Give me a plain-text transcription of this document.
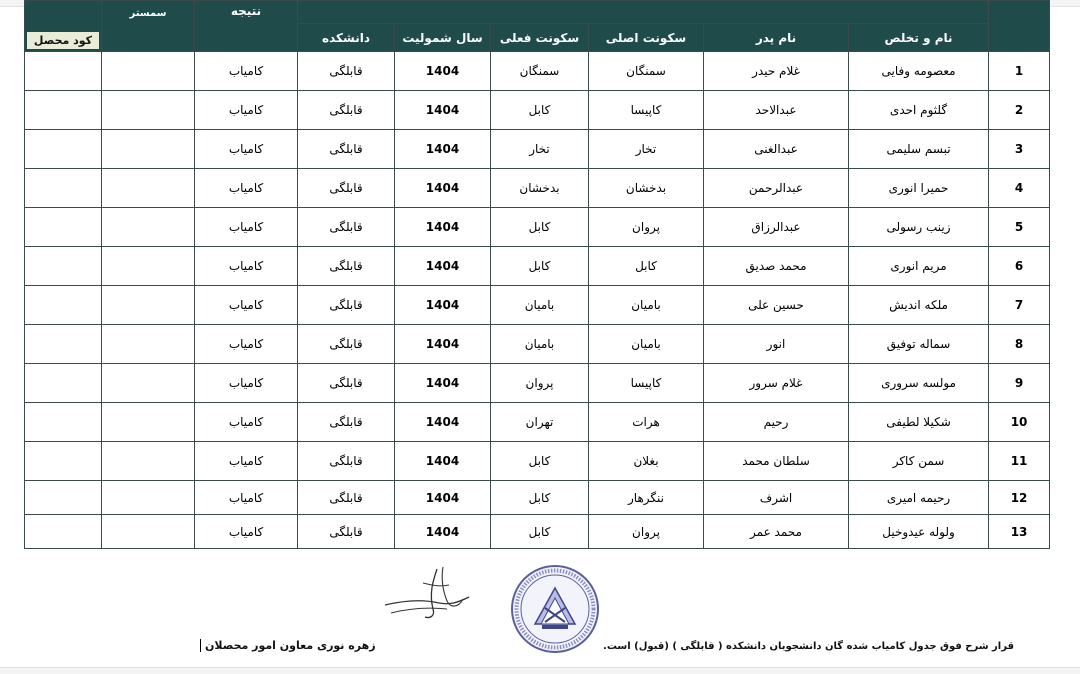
کود محصل	سمستر	نتیجه							
			دانشکده	سال شمولیت	سکونت فعلی	سکونت اصلی	نام پدر	نام و تخلص	
		کامیاب	قابلگی	1404	سمنگان	سمنگان	غلام حیدر	معصومه وفایی	1
		کامیاب	قابلگی	1404	کابل	کاپیسا	عبدالاحد	گلثوم احدی	2
		کامیاب	قابلگی	1404	تخار	تخار	عبدالغنی	تبسم سلیمی	3
		کامیاب	قابلگی	1404	بدخشان	بدخشان	عبدالرحمن	حمیرا انوری	4
		کامیاب	قابلگی	1404	کابل	پروان	عبدالرزاق	زینب رسولی	5
		کامیاب	قابلگی	1404	کابل	کابل	محمد صدیق	مریم انوری	6
		کامیاب	قابلگی	1404	بامیان	بامیان	حسین علی	ملکه اندیش	7
		کامیاب	قابلگی	1404	بامیان	بامیان	انور	سماله توفیق	8
		کامیاب	قابلگی	1404	پروان	کاپیسا	غلام سرور	مولسه سروری	9
		کامیاب	قابلگی	1404	تهران	هرات	رحیم	شکیلا لطیفی	10
		کامیاب	قابلگی	1404	کابل	بغلان	سلطان محمد	سمن کاکر	11
		کامیاب	قابلگی	1404	کابل	ننگرهار	اشرف	رحیمه امیری	12
		کامیاب	قابلگی	1404	کابل	پروان	محمد عمر	ولوله عیدوخیل	13
قرار شرح فوق جدول کامیاب شده گان دانشجویان دانشکده ( قابلگی ) (قبول) است.
زهره نوری معاون امور محصلان
